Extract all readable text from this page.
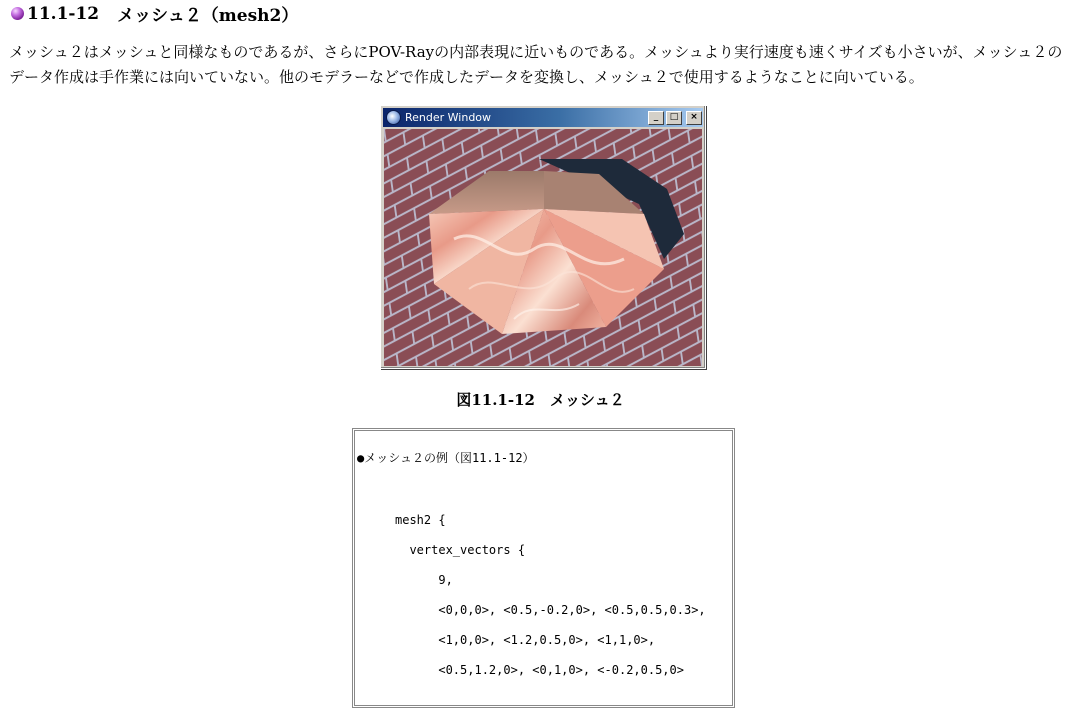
11.1-12 メッシュ２（mesh2）

メッシュ２はメッシュと同様なものであるが、さらにPOV-Rayの内部表現に近いものである。メッシュより実行速度も速くサイズも小さいが、メッシュ２のデータ作成は手作業には向いていない。他のモデラーなどで作成したデータを変換し、メッシュ２で使用するようなことに向いている。

Render Window	_	□	×
図11.1-12　メッシュ２
●メッシュ２の例（図11.1-12）
mesh2 {
vertex_vectors {
9,
<0,0,0>, <0.5,-0.2,0>, <0.5,0.5,0.3>,
<1,0,0>, <1.2,0.5,0>, <1,1,0>,
<0.5,1.2,0>, <0,1,0>, <-0.2,0.5,0>
